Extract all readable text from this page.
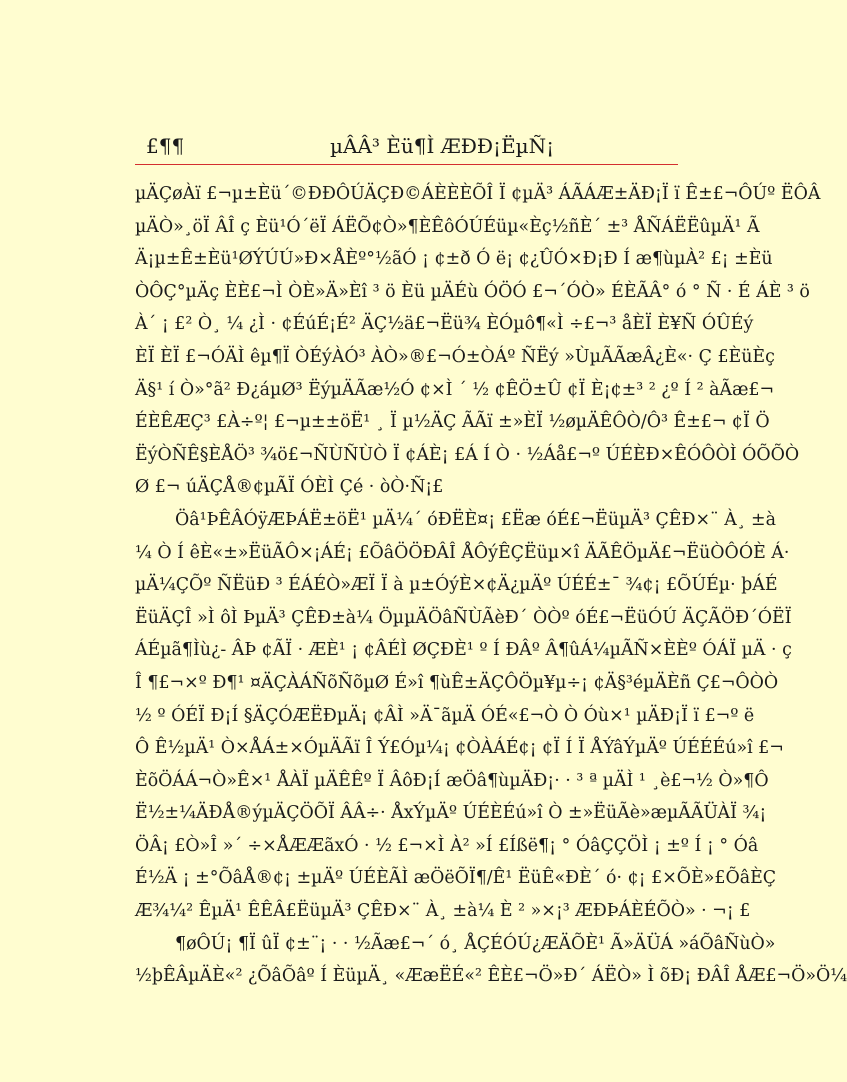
£¶¶	µÂÂ³ Èü¶Ì ÆÐÐ¡ËµÑ¡

µÄÇøÀï £¬µ±Èü´©ÐÐÔÚÄÇÐ©ÁÈÈÈÕÎ Ï ¢µÄ³ ÁÃÁÆ±ÄÐ¡Ï ï Ê±£¬ÔÚº ËÔÂ

µÄÒ»¸öÏ ÂÎ ç Èü¹Ó´ëÏ ÁËÕ¢Ò»¶ÈÊôÓÚÉüµ«Èç½ñÈ´ ±³ ÅÑÁËËûµÄ¹ Ã

Ä¡µ±Ê±Èü¹ØÝÚÚ»Ð×ÅÈº°½ãÓ ¡ ¢±ð Ó ë¡ ¢¿ÛÓ×Ð¡Ð Í æ¶ùµÀ² £¡ ±Èü

ÒÔÇ°µÄç ÈÈ£¬Ì ÒÈ»Ä»Èî ³ ö Èü µÄÉù ÓÖÓ £¬´ÓÒ» ÉÈÃÂ° ó ° Ñ · É ÁÈ ³ ö

À´ ¡ £² Ò¸ ¼ ¿Ì · ¢ÉúÉ¡É² ÄÇ½ä£¬Ëü¾ ÈÓµô¶«Ì ÷£¬³ åÈÏ È¥Ñ ÓÛÉý

ÈÏ ÈÏ £¬ÓÄÌ êµ¶Ï ÒÉýÀÓ³ ÀÒ»®£¬Ó±ÒÁº ÑËý »ÙµÃÃæÂ¿È«· Ç £ÈüÈç

Ä§¹ í Ò»°ã² Ð¿áµØ³ ËýµÄÃæ½Ó ¢×Ì ´ ½ ¢ÊÖ±Û ¢Ï È¡¢±³ ² ¿º Í ² àÃæ£¬

ÉÈÊÆÇ³ £À÷º¦ £¬µ±±öË¹ ¸ Ï µ½ÄÇ ÃÃï ±»ÈÏ ½øµÄÊÔÒ/Ô³ Ê±£¬ ¢Ï Ö

ËýÒÑÊ§ÈÅÖ³ ¾ö£¬ÑÙÑÙÒ Ï ¢ÁÈ¡ £Á Í Ò · ½Áå£¬º ÚÉÈÐ×ÊÓÔÒÌ ÓÕÕÒ

Ø £¬ úÄÇÅ®¢µÃÏ ÓÈÌ Çé · òÒ·Ñ¡£

Öâ¹ÞÊÂÓÿÆÞÁË±öË¹ µÄ¼´ óÐËÈ¤¡ £Ëæ óÉ£¬ËüµÄ³ ÇÊÐ×¨ À¸ ±à

¼ Ò Í êÈ«±»ËüÃÔ×¡ÁÉ¡ £ÕâÖÖÐÂÎ ÅÔýÊÇËüµ×î ÄÃÊÖµÄ£¬ËüÒÔÓÈ Á·

µÄ¼ÇÕº ÑËüÐ ³ ÉÁÉÒ»ÆÏ Ï à µ±ÓýÈ×¢Ä¿µÄº ÚÉÉ±¯ ¾¢¡ £ÕÚÉµ· þÁÉ

ËüÄÇÎ »Ì ôÌ ÞµÄ³ ÇÊÐ±à¼ ÖµµÄÖâÑÙÃèÐ´ ÒÒº óÉ£¬ËüÓÚ ÄÇÃÖÐ´ÓËÏ

ÁÉµã¶Ìù¿- ÂÞ ¢ÃÏ · ÆÈ¹ ¡ ¢ÂÉÌ ØÇÐÈ¹ º Í ÐÂº Â¶ûÁ¼µÃÑ×ÈÈº ÓÁÏ µÄ · ç

Î ¶£¬×º Ð¶¹ ¤ÄÇÀÁÑõÑõµØ É»î ¶ùÊ±ÄÇÔÖµ¥µ÷¡ ¢Ä§³éµÄÈñ Ç£¬ÔÒÒ

½ º ÓÉÏ Ð¡Í §ÄÇÓÆËÐµÄ¡ ¢ÂÌ »Ä¯ãµÄ ÓÉ«£¬Ò Ò Óù×¹ µÄÐ¡Ï ï £¬º ë

Ô Ê½µÄ¹ Ò×ÅÁ±×ÓµÄÃï Î Ý£Óµ¼¡ ¢ÒÀÁÉ¢¡ ¢Ï Í Ï ÅÝâÝµÄº ÚÉÉÉú»î £¬

ÈõÖÁÁ¬Ò»Ê×¹ ÅÀÏ µÄÊÊº Ï ÂôÐ¡Í æÖâ¶ùµÄÐ¡· · ³ ª µÄÌ ¹ ¸è£¬½ Ò»¶Ô

Ë½±¼ÄÐÅ®ýµÄÇÖÕÏ ÂÂ÷· ÅxÝµÄº ÚÉÈÉú»î Ò ±»ËüÃè»æµÃÃÜÀÏ ¾¡

ÖÂ¡ £Ò»Î »´ ÷×ÅÆÆãxÓ · ½ £¬×Ì À² »Í £Íßë¶¡ ° ÓâÇÇÖÌ ¡ ±º Í ¡ ° Óâ

É½Ä ¡ ±°ÕâÅ®¢¡ ±µÄº ÚÉÈÃÌ æÖëÕÏ¶/Ê¹ ËüÊ«ÐÈ´ ó· ¢¡ £×ÕÈ»£ÕâÈÇ

Æ¾¼² ÊµÄ¹ ÊÊÂ£ËüµÄ³ ÇÊÐ×¨ À¸ ±à¼ È ² »×¡³ ÆÐÞÁÈÉÕÒ» · ¬¡ £

¶øÔÚ¡ ¶Ï ûÏ ¢±¨¡ · · ½Ãæ£¬´ ó¸ ÅÇÉÓÚ¿ÆÄÕÈ¹ Ã»ÄÜÁ »áÕâÑùÒ»

½þÊÂµÄÈ«² ¿ÕâÕâº Í ÈüµÄ¸ «ÆæËÉ«² ÊÈ£¬Ö»Ð´ ÁËÒ» Ì õÐ¡ ÐÂÎ ÅÆ£¬Ö»Ö¼
